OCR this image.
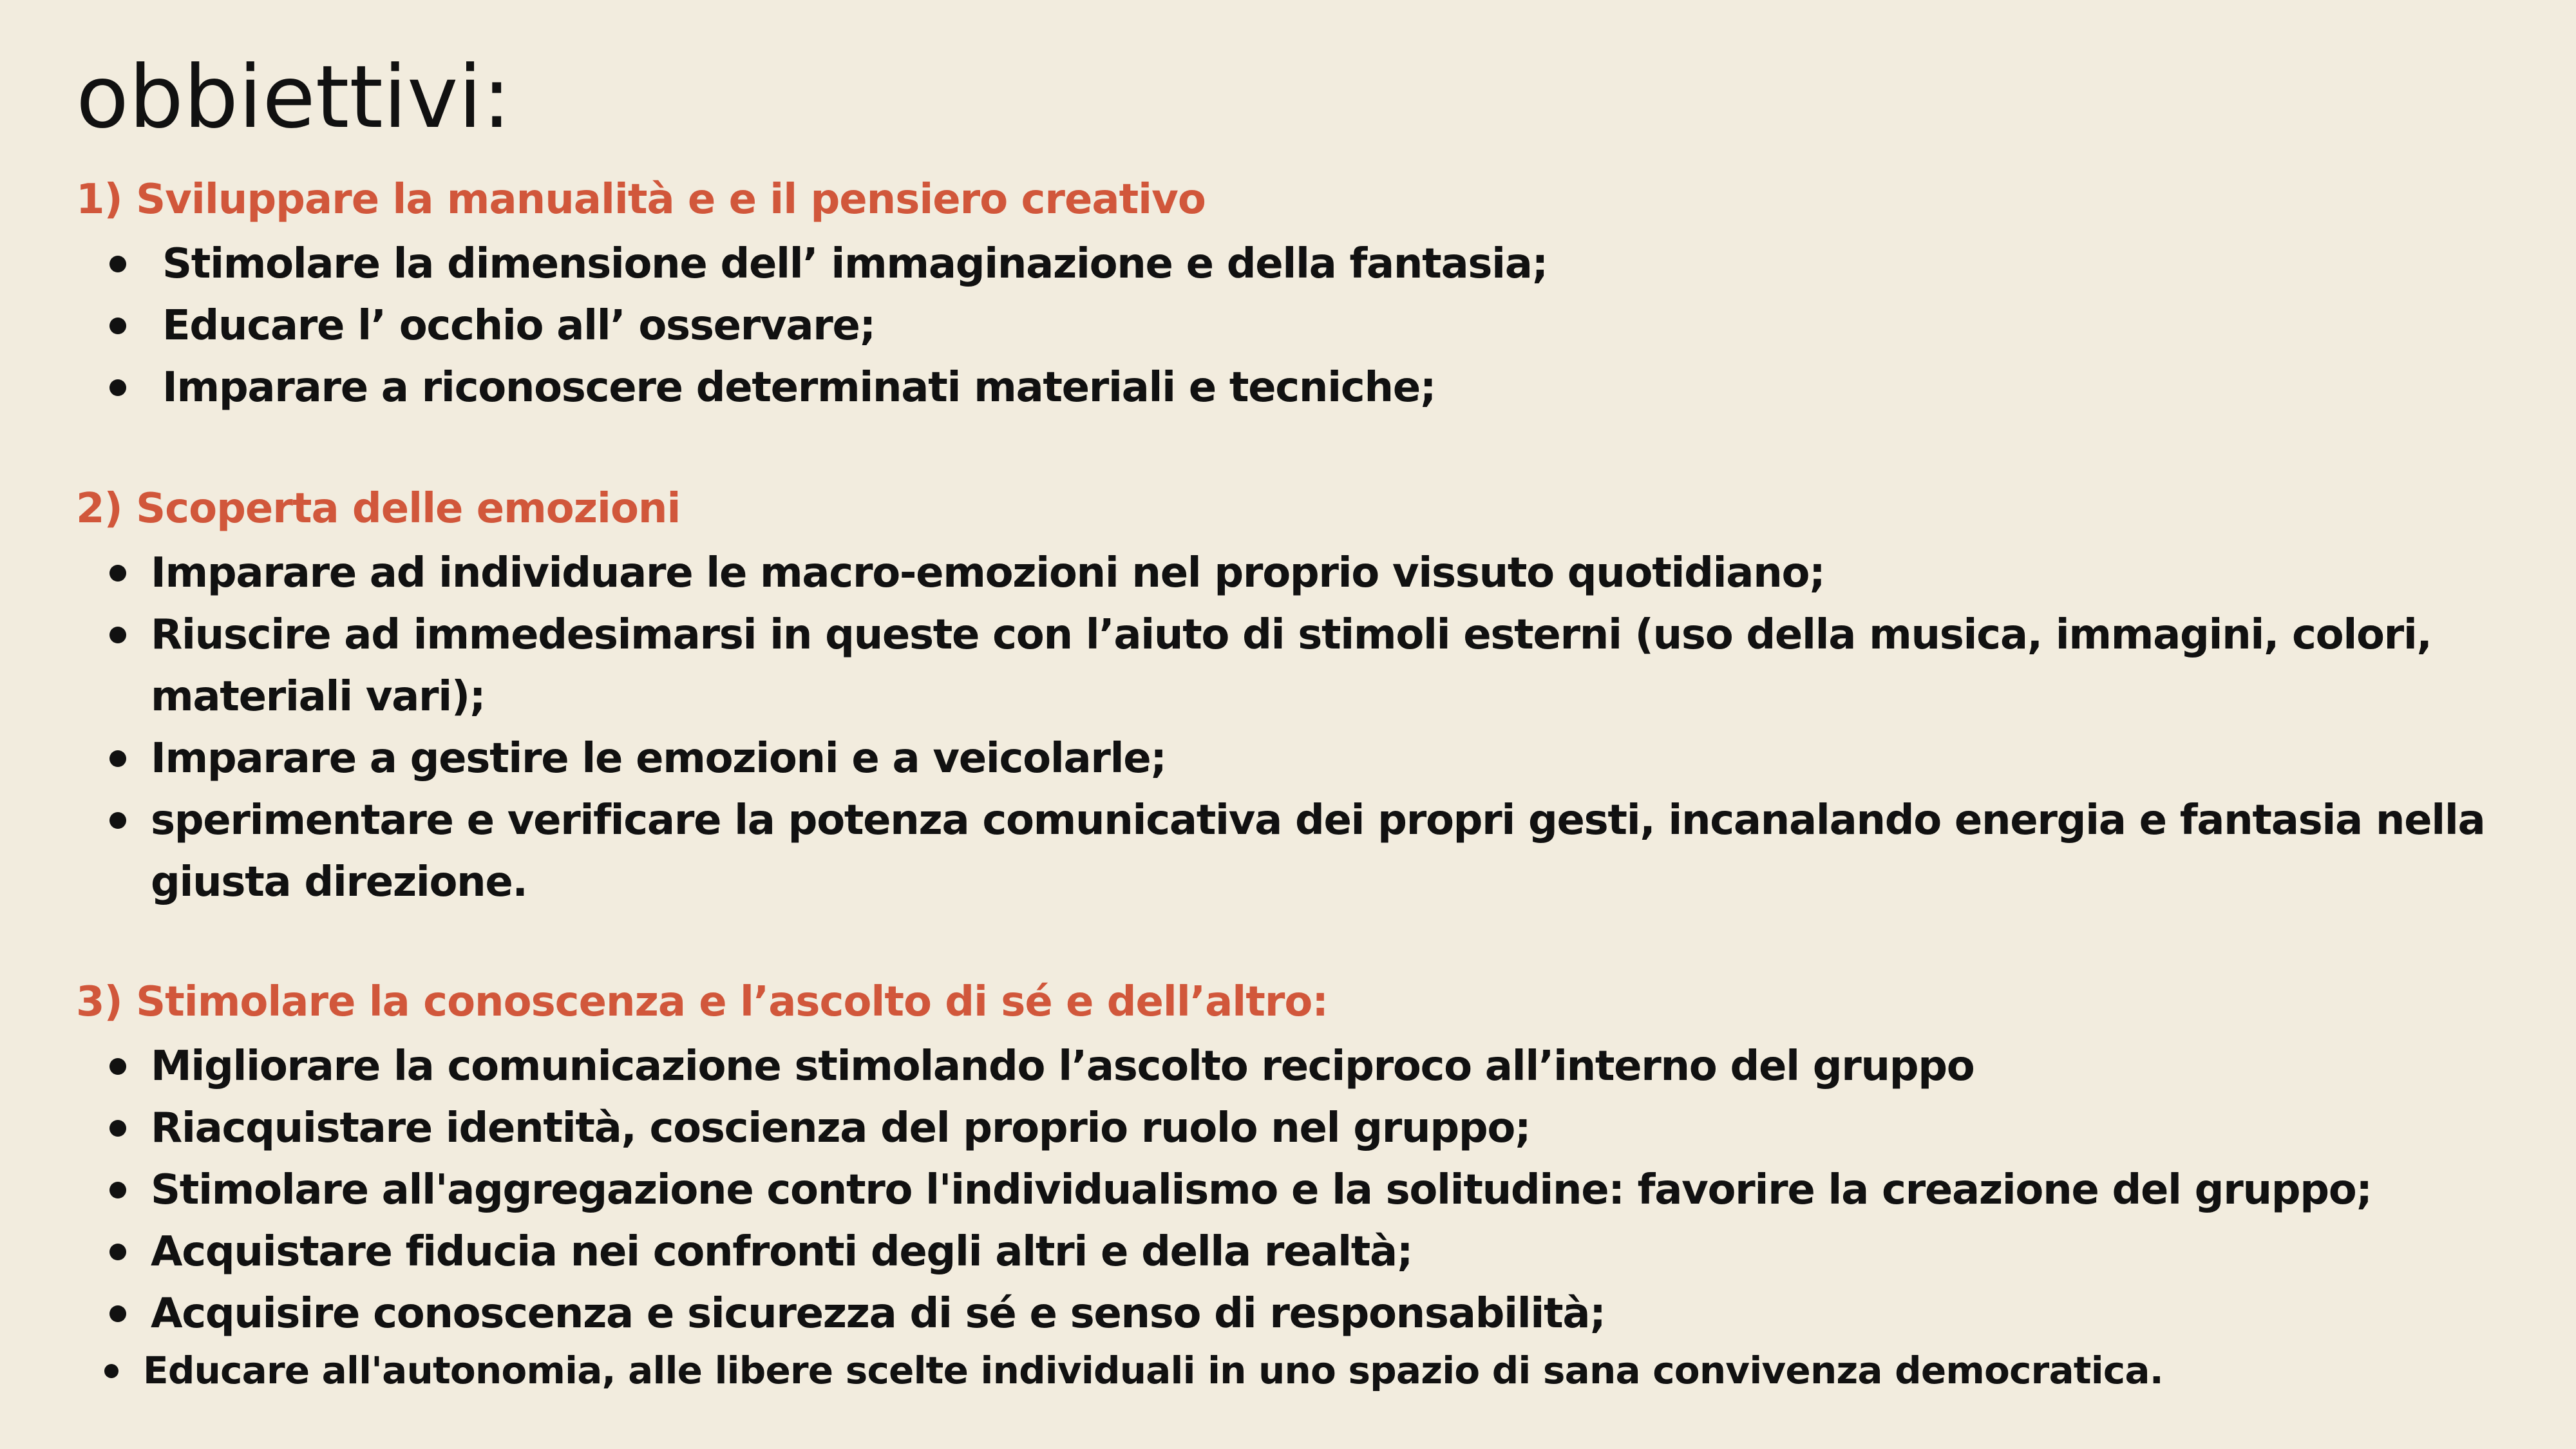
obbiettivi:
1) Sviluppare la manualità e e il pensiero creativo
Stimolare la dimensione dell’ immaginazione e della fantasia;
Educare l’ occhio all’ osservare;
Imparare a riconoscere determinati materiali e tecniche;
2) Scoperta delle emozioni
Imparare ad individuare le macro-emozioni nel proprio vissuto quotidiano;
Riuscire ad immedesimarsi in queste con l’aiuto di stimoli esterni (uso della musica, immagini, colori, materiali vari);
Imparare a gestire le emozioni e a veicolarle;
sperimentare e verificare la potenza comunicativa dei propri gesti, incanalando energia e fantasia nella giusta direzione.
3) Stimolare la conoscenza e l’ascolto di sé e dell’altro:
Migliorare la comunicazione stimolando l’ascolto reciproco all’interno del gruppo
Riacquistare identità, coscienza del proprio ruolo nel gruppo;
Stimolare all'aggregazione contro l'individualismo e la solitudine: favorire la creazione del gruppo;
Acquistare fiducia nei confronti degli altri e della realtà;
Acquisire conoscenza e sicurezza di sé e senso di responsabilità;
Educare all'autonomia, alle libere scelte individuali in uno spazio di sana convivenza democratica.
